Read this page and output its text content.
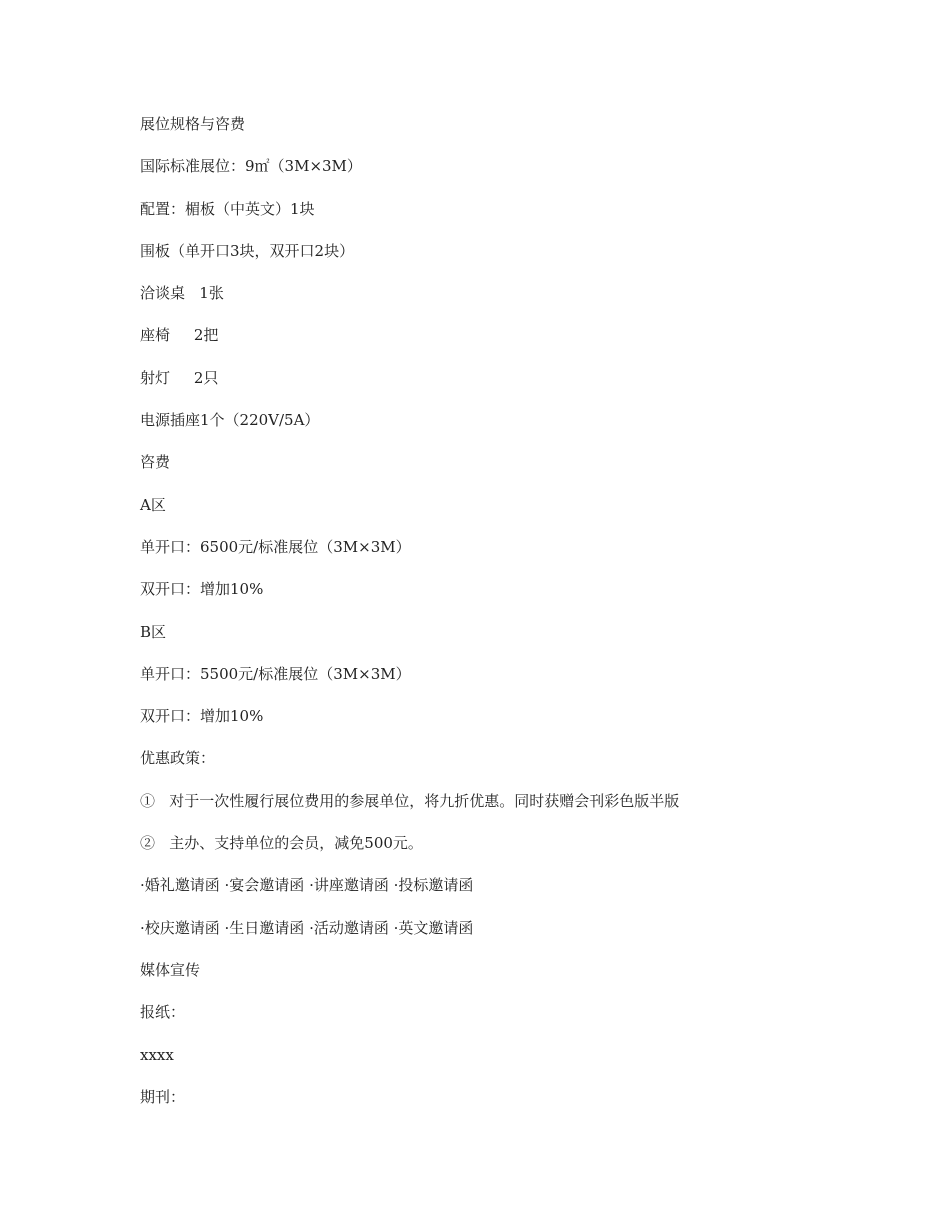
展位规格与咨费
国际标准展位：9㎡（3M×3M）
配置：楣板（中英文）1块
围板（单开口3块，双开口2块）
洽谈桌   1张
座椅     2把
射灯     2只
电源插座1个（220V/5A）
咨费
A区
单开口：6500元/标准展位（3M×3M）
双开口：增加10%
B区
单开口：5500元/标准展位（3M×3M）
双开口：增加10%
优惠政策：
①   对于一次性履行展位费用的参展单位，将九折优惠。同时获赠会刊彩色版半版
②   主办、支持单位的会员，减免500元。
·婚礼邀请函 ·宴会邀请函 ·讲座邀请函 ·投标邀请函
·校庆邀请函 ·生日邀请函 ·活动邀请函 ·英文邀请函
媒体宣传
报纸：
xxxx
期刊：
